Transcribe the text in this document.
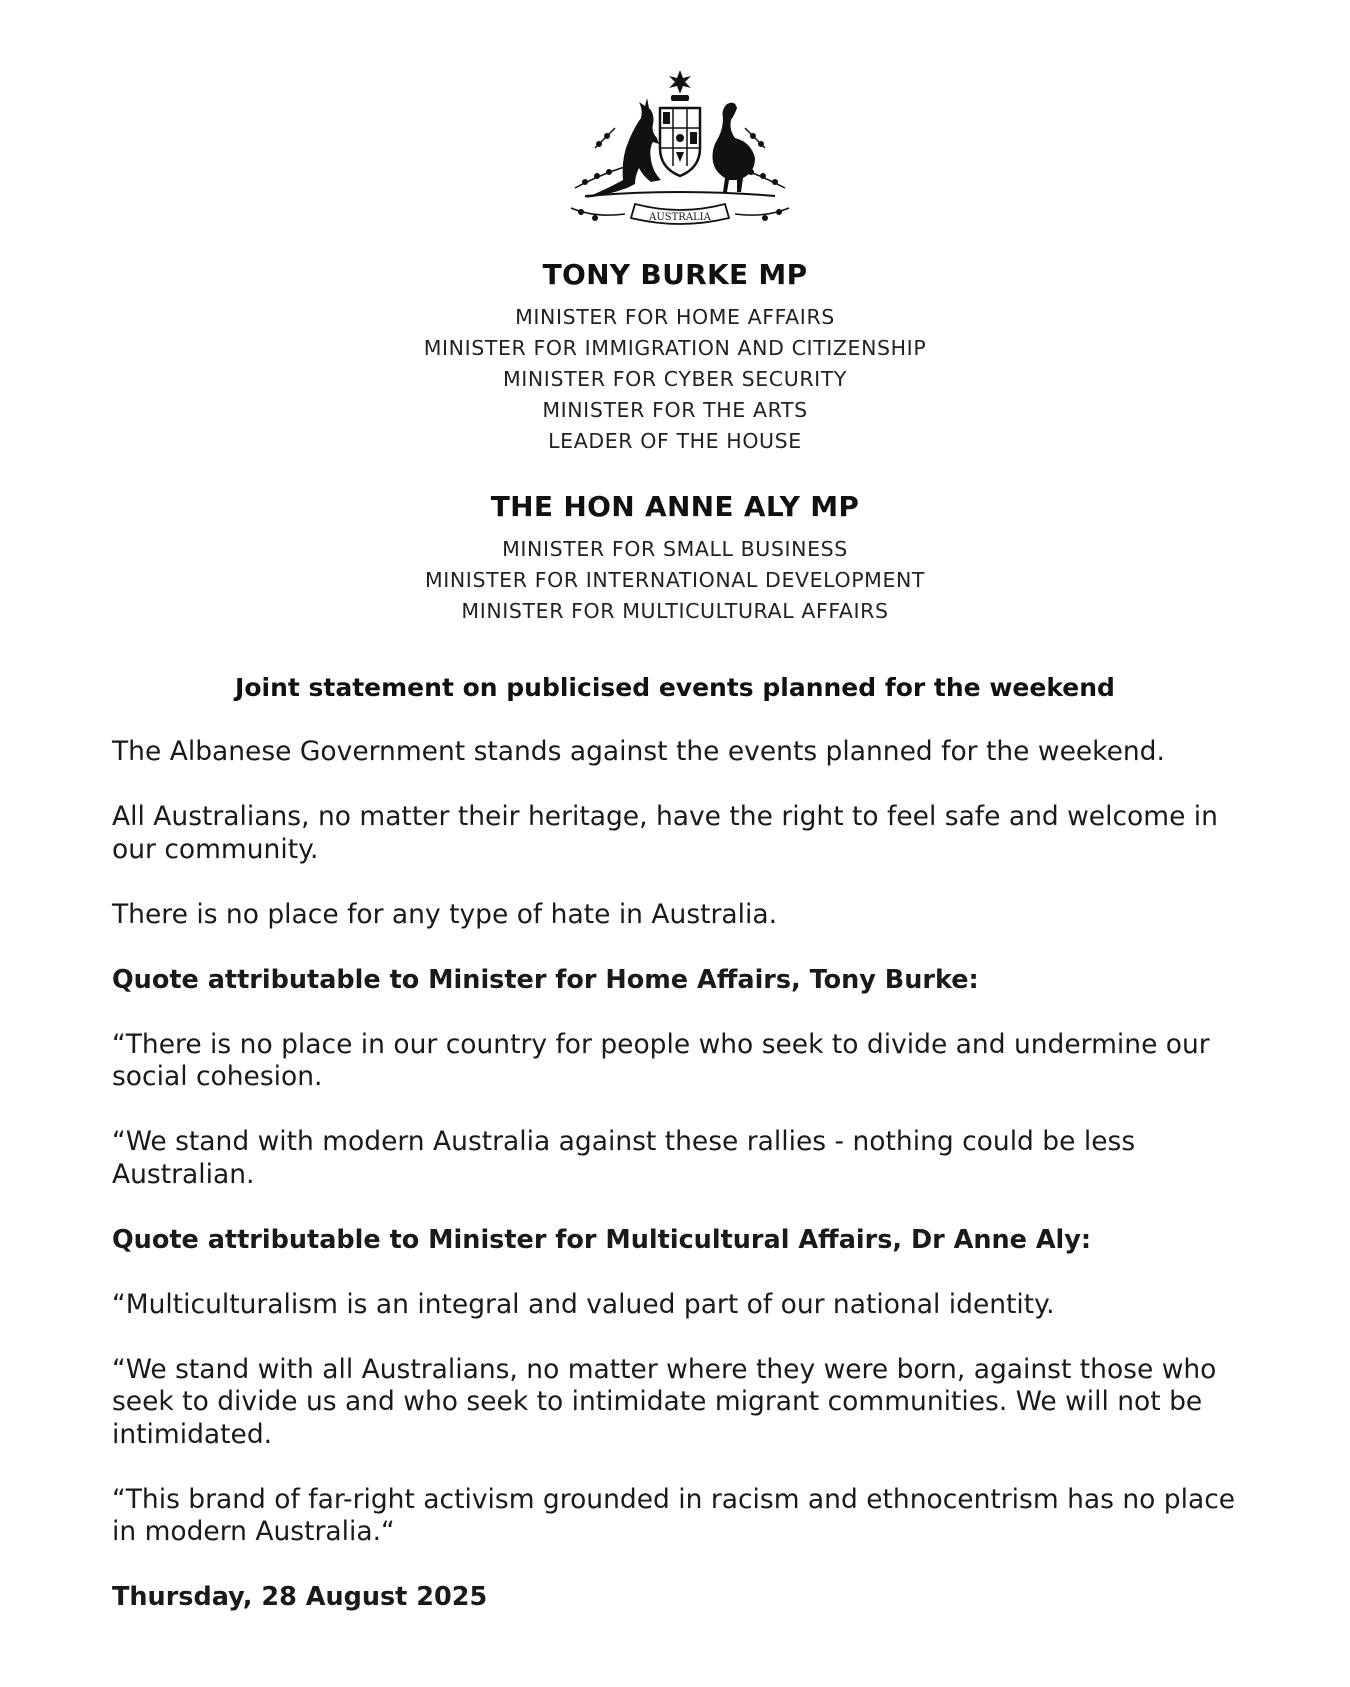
AUSTRALIA
TONY BURKE MP
MINISTER FOR HOME AFFAIRS
MINISTER FOR IMMIGRATION AND CITIZENSHIP
MINISTER FOR CYBER SECURITY
MINISTER FOR THE ARTS
LEADER OF THE HOUSE
THE HON ANNE ALY MP
MINISTER FOR SMALL BUSINESS
MINISTER FOR INTERNATIONAL DEVELOPMENT
MINISTER FOR MULTICULTURAL AFFAIRS
Joint statement on publicised events planned for the weekend

The Albanese Government stands against the events planned for the weekend.

All Australians, no matter their heritage, have the right to feel safe and welcome in our community.

There is no place for any type of hate in Australia.

Quote attributable to Minister for Home Affairs, Tony Burke:

“There is no place in our country for people who seek to divide and undermine our social cohesion.

“We stand with modern Australia against these rallies - nothing could be less Australian.

Quote attributable to Minister for Multicultural Affairs, Dr Anne Aly:

“Multiculturalism is an integral and valued part of our national identity.

“We stand with all Australians, no matter where they were born, against those who seek to divide us and who seek to intimidate migrant communities. We will not be intimidated.

“This brand of far-right activism grounded in racism and ethnocentrism has no place in modern Australia.“

Thursday, 28 August 2025
